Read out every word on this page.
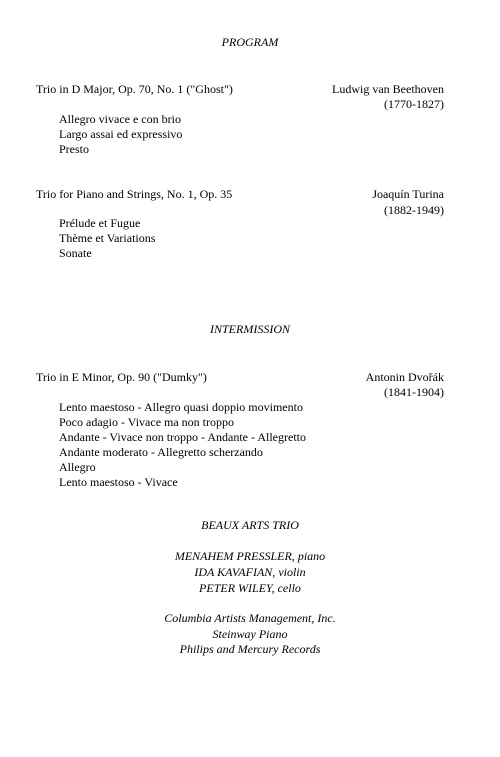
PROGRAM
Trio in D Major, Op. 70, No. 1 ("Ghost")	Ludwig van Beethoven
(1770-1827)
Allegro vivace e con brio
Largo assai ed expressivo
Presto
Trio for Piano and Strings, No. 1, Op. 35	Joaquín Turina
(1882-1949)
Prélude et Fugue
Thème et Variations
Sonate
INTERMISSION
Trio in E Minor, Op. 90 ("Dumky")	Antonin Dvořák
(1841-1904)
Lento maestoso - Allegro quasi doppio movimento
Poco adagio - Vivace ma non troppo
Andante - Vivace non troppo - Andante - Allegretto
Andante moderato - Allegretto scherzando
Allegro
Lento maestoso - Vivace
BEAUX ARTS TRIO
MENAHEM PRESSLER, piano
IDA KAVAFIAN, violin
PETER WILEY, cello
Columbia Artists Management, Inc.
Steinway Piano
Philips and Mercury Records
